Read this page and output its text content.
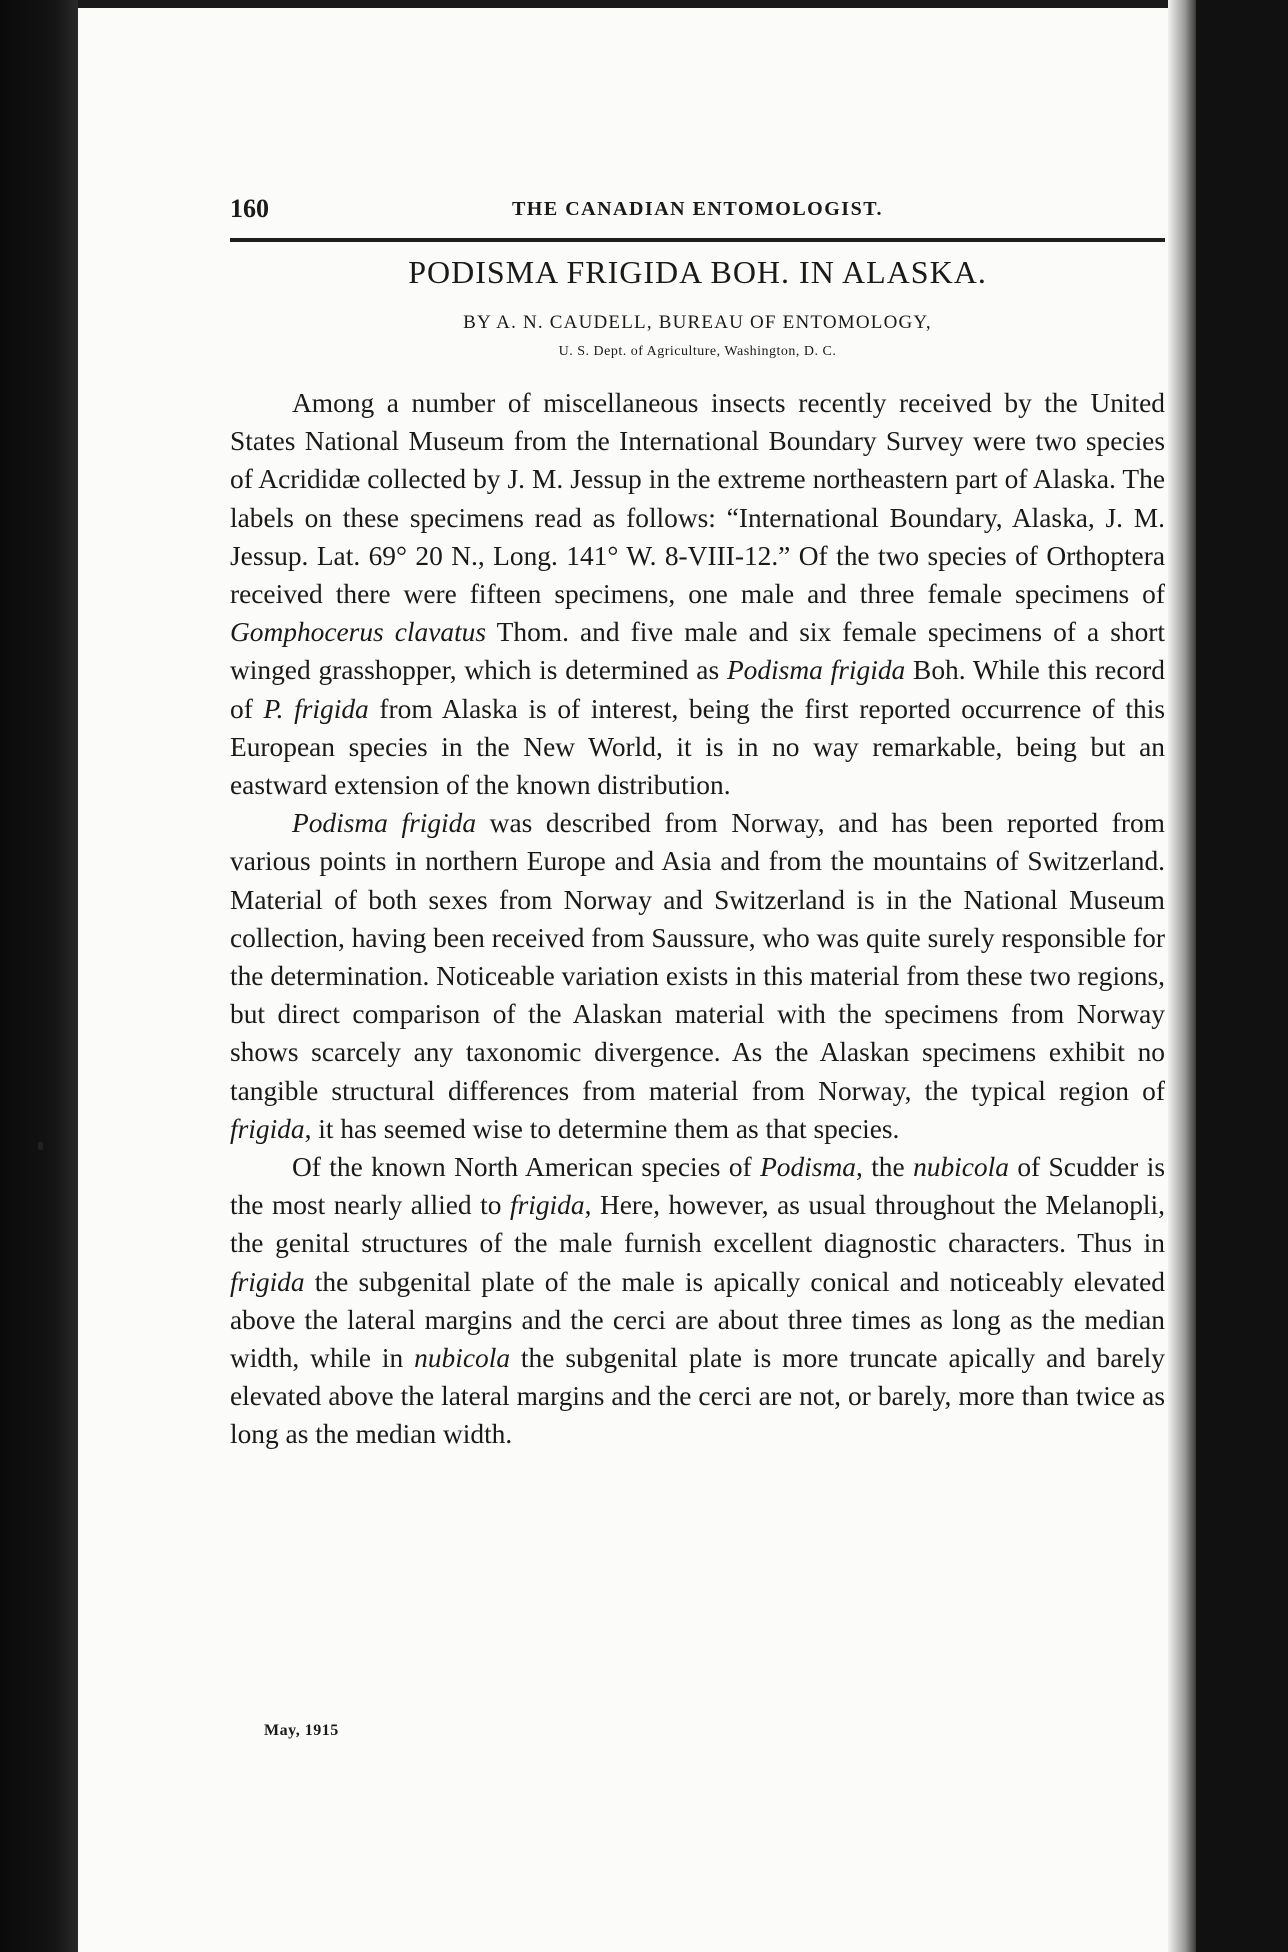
160	THE CANADIAN ENTOMOLOGIST.
PODISMA FRIGIDA BOH. IN ALASKA.
BY A. N. CAUDELL, BUREAU OF ENTOMOLOGY,
U. S. Dept. of Agriculture, Washington, D. C.

Among a number of miscellaneous insects recently received by the United States National Museum from the International Boundary Survey were two species of Acrididæ collected by J. M. Jessup in the extreme northeastern part of Alaska. The labels on these specimens read as follows: “International Boundary, Alaska, J. M. Jessup. Lat. 69° 20 N., Long. 141° W. 8-VIII-12.” Of the two species of Orthoptera received there were fifteen specimens, one male and three female specimens of Gomphocerus clavatus Thom. and five male and six female specimens of a short winged grasshopper, which is determined as Podisma frigida Boh. While this record of P. frigida from Alaska is of interest, being the first reported occurrence of this European species in the New World, it is in no way remarkable, being but an eastward extension of the known distribution.

Podisma frigida was described from Norway, and has been reported from various points in northern Europe and Asia and from the mountains of Switzerland. Material of both sexes from Norway and Switzerland is in the National Museum collection, having been received from Saussure, who was quite surely responsible for the determination. Noticeable variation exists in this material from these two regions, but direct comparison of the Alaskan material with the specimens from Norway shows scarcely any taxonomic divergence. As the Alaskan specimens exhibit no tangible structural differences from material from Norway, the typical region of frigida, it has seemed wise to determine them as that species.

Of the known North American species of Podisma, the nubicola of Scudder is the most nearly allied to frigida, Here, however, as usual throughout the Melanopli, the genital structures of the male furnish excellent diagnostic characters. Thus in frigida the subgenital plate of the male is apically conical and noticeably elevated above the lateral margins and the cerci are about three times as long as the median width, while in nubicola the subgenital plate is more truncate apically and barely elevated above the lateral margins and the cerci are not, or barely, more than twice as long as the median width.

May, 1915
